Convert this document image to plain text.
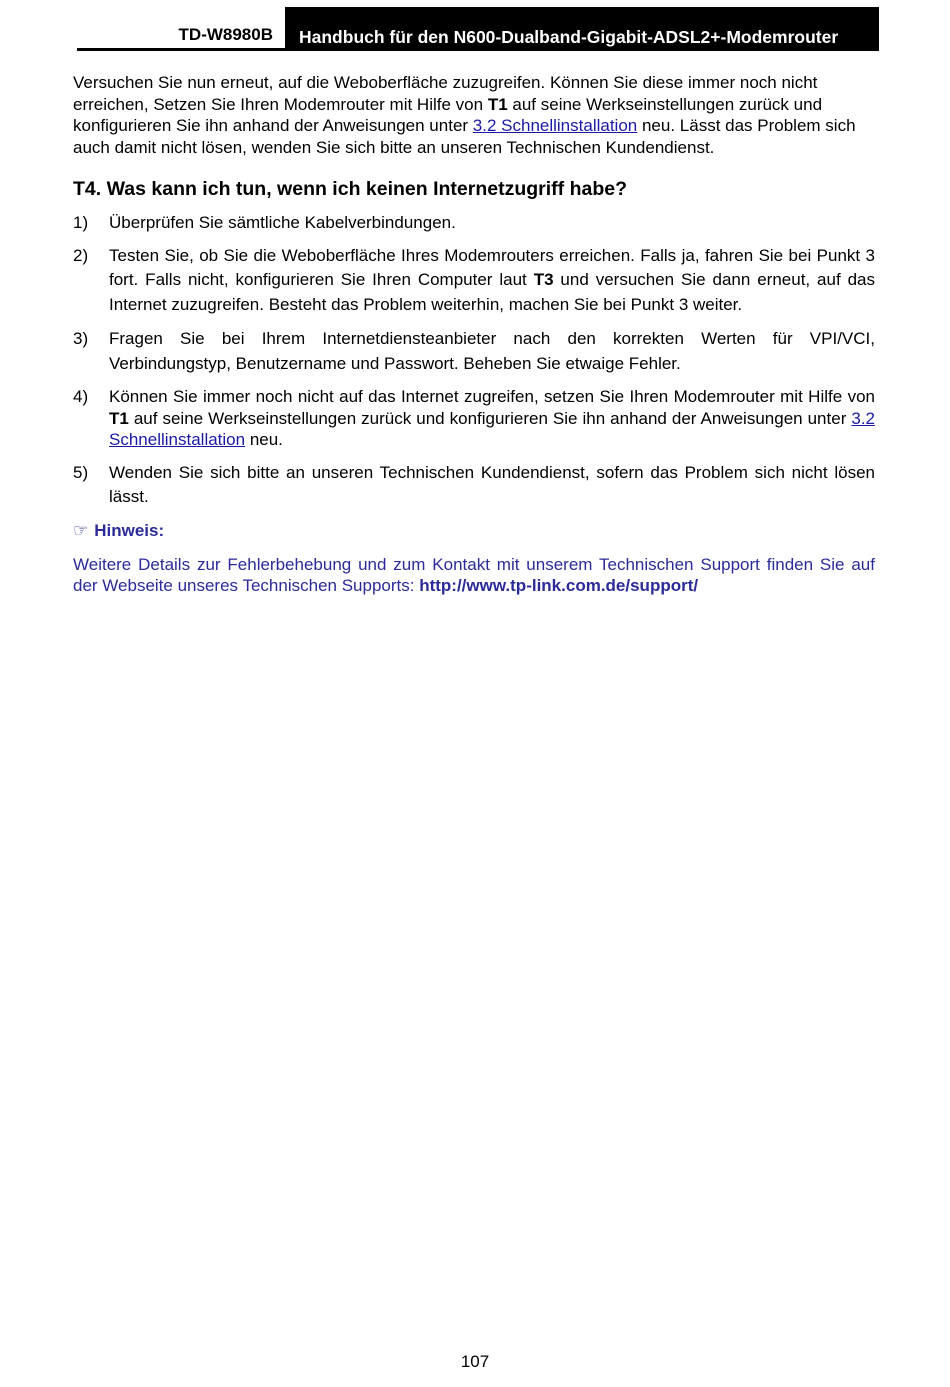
TD-W8980B Handbuch für den N600-Dualband-Gigabit-ADSL2+-Modemrouter

Versuchen Sie nun erneut, auf die Weboberfläche zuzugreifen. Können Sie diese immer noch nicht erreichen, Setzen Sie Ihren Modemrouter mit Hilfe von T1 auf seine Werkseinstellungen zurück und konfigurieren Sie ihn anhand der Anweisungen unter 3.2 Schnellinstallation neu. Lässt das Problem sich auch damit nicht lösen, wenden Sie sich bitte an unseren Technischen Kundendienst.

T4. Was kann ich tun, wenn ich keinen Internetzugriff habe?
1) Überprüfen Sie sämtliche Kabelverbindungen.
2) Testen Sie, ob Sie die Weboberfläche Ihres Modemrouters erreichen. Falls ja, fahren Sie bei Punkt 3 fort. Falls nicht, konfigurieren Sie Ihren Computer laut T3 und versuchen Sie dann erneut, auf das Internet zuzugreifen. Besteht das Problem weiterhin, machen Sie bei Punkt 3 weiter.
3) Fragen Sie bei Ihrem Internetdiensteanbieter nach den korrekten Werten für VPI/VCI, Verbindungstyp, Benutzername und Passwort. Beheben Sie etwaige Fehler.
4) Können Sie immer noch nicht auf das Internet zugreifen, setzen Sie Ihren Modemrouter mit Hilfe von T1 auf seine Werkseinstellungen zurück und konfigurieren Sie ihn anhand der Anweisungen unter 3.2 Schnellinstallation neu.
5) Wenden Sie sich bitte an unseren Technischen Kundendienst, sofern das Problem sich nicht lösen lässt.
☞ Hinweis:

Weitere Details zur Fehlerbehebung und zum Kontakt mit unserem Technischen Support finden Sie auf der Webseite unseres Technischen Supports: http://www.tp-link.com.de/support/

107
